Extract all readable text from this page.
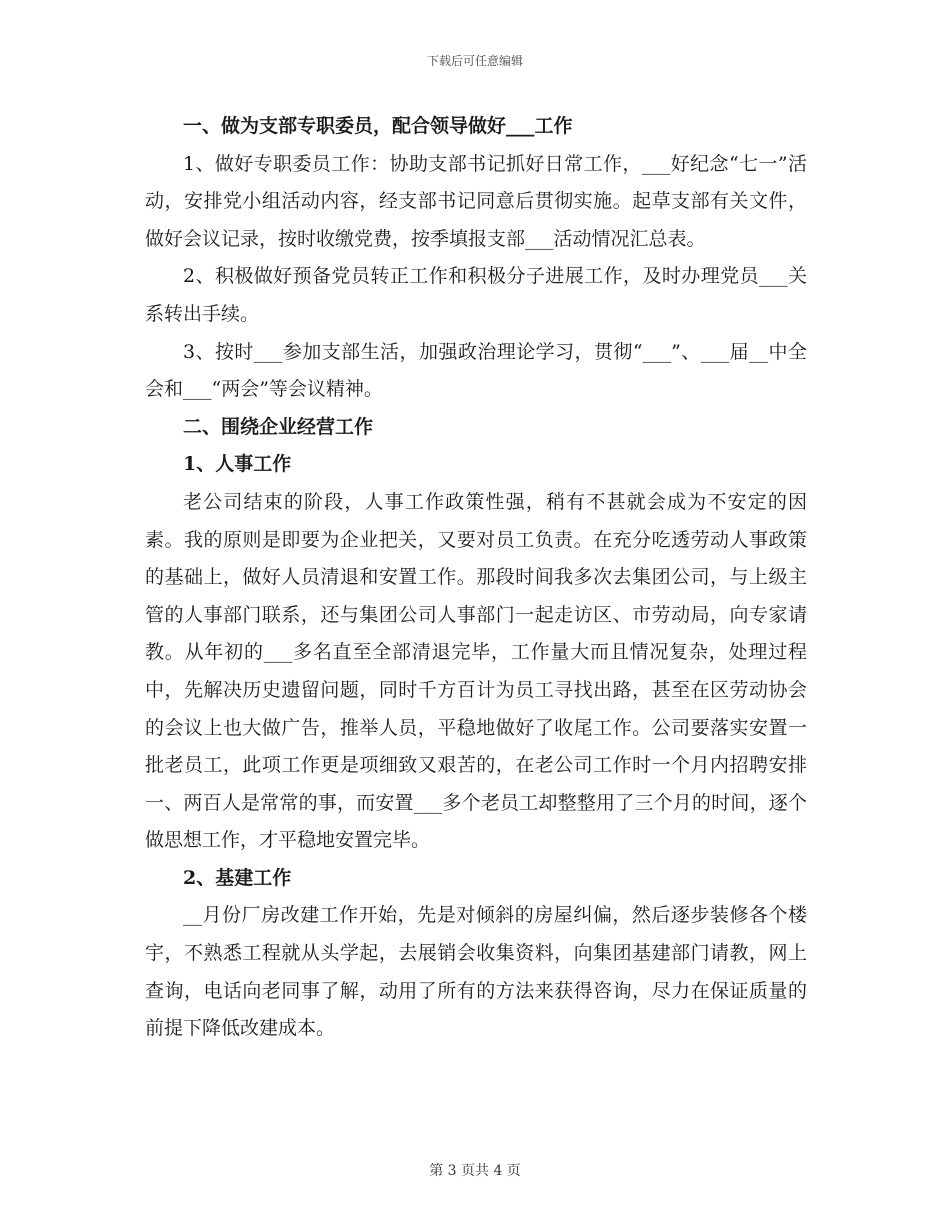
下载后可任意编辑

一、做为支部专职委员，配合领导做好___工作

1、做好专职委员工作：协助支部书记抓好日常工作，___好纪念“七一”活动，安排党小组活动内容，经支部书记同意后贯彻实施。起草支部有关文件，做好会议记录，按时收缴党费，按季填报支部___活动情况汇总表。

2、积极做好预备党员转正工作和积极分子进展工作，及时办理党员___关系转出手续。

3、按时___参加支部生活，加强政治理论学习，贯彻“___”、___届__中全会和___“两会”等会议精神。

二、围绕企业经营工作

1、人事工作

老公司结束的阶段，人事工作政策性强，稍有不甚就会成为不安定的因素。我的原则是即要为企业把关，又要对员工负责。在充分吃透劳动人事政策的基础上，做好人员清退和安置工作。那段时间我多次去集团公司，与上级主管的人事部门联系，还与集团公司人事部门一起走访区、市劳动局，向专家请教。从年初的___多名直至全部清退完毕，工作量大而且情况复杂，处理过程中，先解决历史遗留问题，同时千方百计为员工寻找出路，甚至在区劳动协会的会议上也大做广告，推举人员，平稳地做好了收尾工作。公司要落实安置一批老员工，此项工作更是项细致又艰苦的，在老公司工作时一个月内招聘安排一、两百人是常常的事，而安置___多个老员工却整整用了三个月的时间，逐个做思想工作，才平稳地安置完毕。

2、基建工作

__月份厂房改建工作开始，先是对倾斜的房屋纠偏，然后逐步装修各个楼宇，不熟悉工程就从头学起，去展销会收集资料，向集团基建部门请教，网上查询，电话向老同事了解，动用了所有的方法来获得咨询，尽力在保证质量的前提下降低改建成本。

第 3 页共 4 页
